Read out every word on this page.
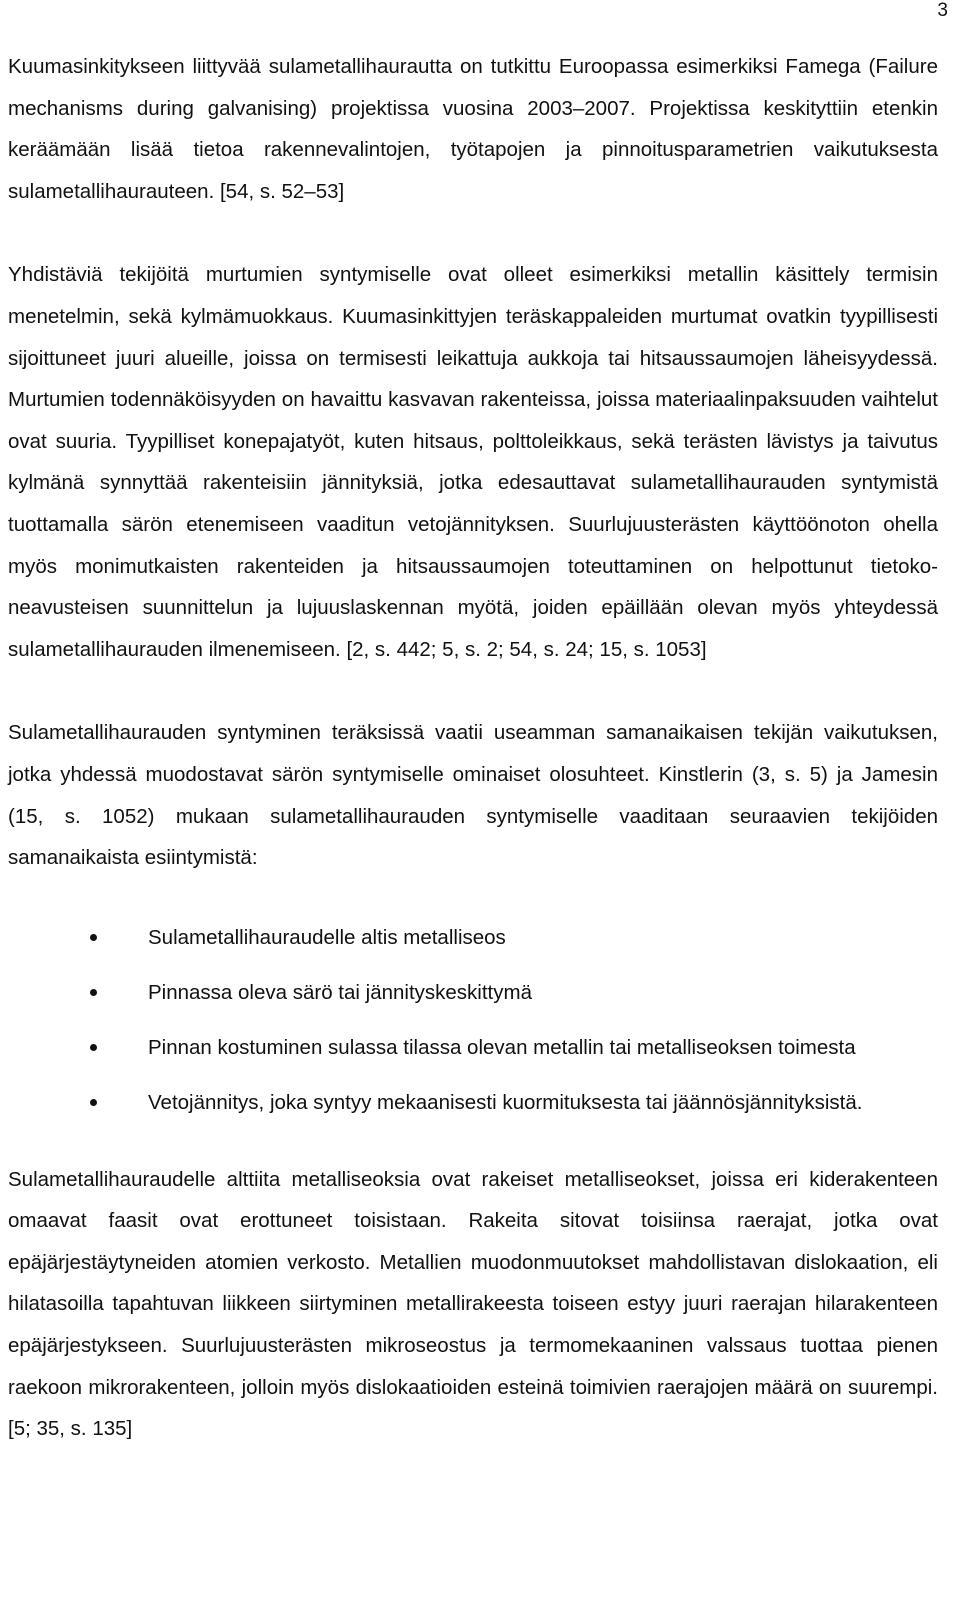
3

Kuumasinkitykseen liittyvää sulametallihaurautta on tutkittu Euroopassa esimerkiksi Famega (Failure mechanisms during galvanising) projektissa vuosina 2003–2007. Projektissa keskityttiin etenkin keräämään lisää tietoa rakennevalintojen, työtapojen ja pinnoitusparametrien vaikutuksesta sulametallihaurauteen. [54, s. 52–53]

Yhdistäviä tekijöitä murtumien syntymiselle ovat olleet esimerkiksi metallin käsittely termisin menetelmin, sekä kylmämuokkaus. Kuumasinkittyjen teräskappaleiden murtumat ovatkin tyypillisesti sijoittuneet juuri alueille, joissa on termisesti leikattuja aukkoja tai hitsaussaumojen läheisyydessä. Murtumien todennäköisyyden on havaittu kasvavan rakenteissa, joissa materiaalinpaksuuden vaihtelut ovat suuria. Tyypilliset konepajatyöt, kuten hitsaus, polttoleikkaus, sekä terästen lävistys ja taivutus kylmänä synnyttää rakenteisiin jännityksiä, jotka edesauttavat sulametallihaurauden syntymistä tuottamalla särön etenemiseen vaaditun vetojännityksen. Suurlujuusterästen käyttöönoton ohella myös monimutkaisten rakenteiden ja hitsaussaumojen toteuttaminen on helpottunut tietokoneavusteisen suunnittelun ja lujuuslaskennan myötä, joiden epäillään olevan myös yhteydessä sulametallihaurauden ilmenemiseen. [2, s. 442; 5, s. 2; 54, s. 24; 15, s. 1053]

Sulametallihaurauden syntyminen teräksissä vaatii useamman samanaikaisen tekijän vaikutuksen, jotka yhdessä muodostavat särön syntymiselle ominaiset olosuhteet. Kinstlerin (3, s. 5) ja Jamesin (15, s. 1052) mukaan sulametallihaurauden syntymiselle vaaditaan seuraavien tekijöiden samanaikaista esiintymistä:

Sulametallihauraudelle altis metalliseos
Pinnassa oleva särö tai jännityskeskittymä
Pinnan kostuminen sulassa tilassa olevan metallin tai metalliseoksen toimesta
Vetojännitys, joka syntyy mekaanisesti kuormituksesta tai jäännösjännityksistä.

Sulametallihauraudelle alttiita metalliseoksia ovat rakeiset metalliseokset, joissa eri kiderakenteen omaavat faasit ovat erottuneet toisistaan. Rakeita sitovat toisiinsa raerajat, jotka ovat epäjärjestäytyneiden atomien verkosto. Metallien muodonmuutokset mahdollistavan dislokaation, eli hilatasoilla tapahtuvan liikkeen siirtyminen metallirakeesta toiseen estyy juuri raerajan hilarakenteen epäjärjestykseen. Suurlujuusterästen mikroseostus ja termomekaaninen valssaus tuottaa pienen raekoon mikrorakenteen, jolloin myös dislokaatioiden esteinä toimivien raerajojen määrä on suurempi. [5; 35, s. 135]
